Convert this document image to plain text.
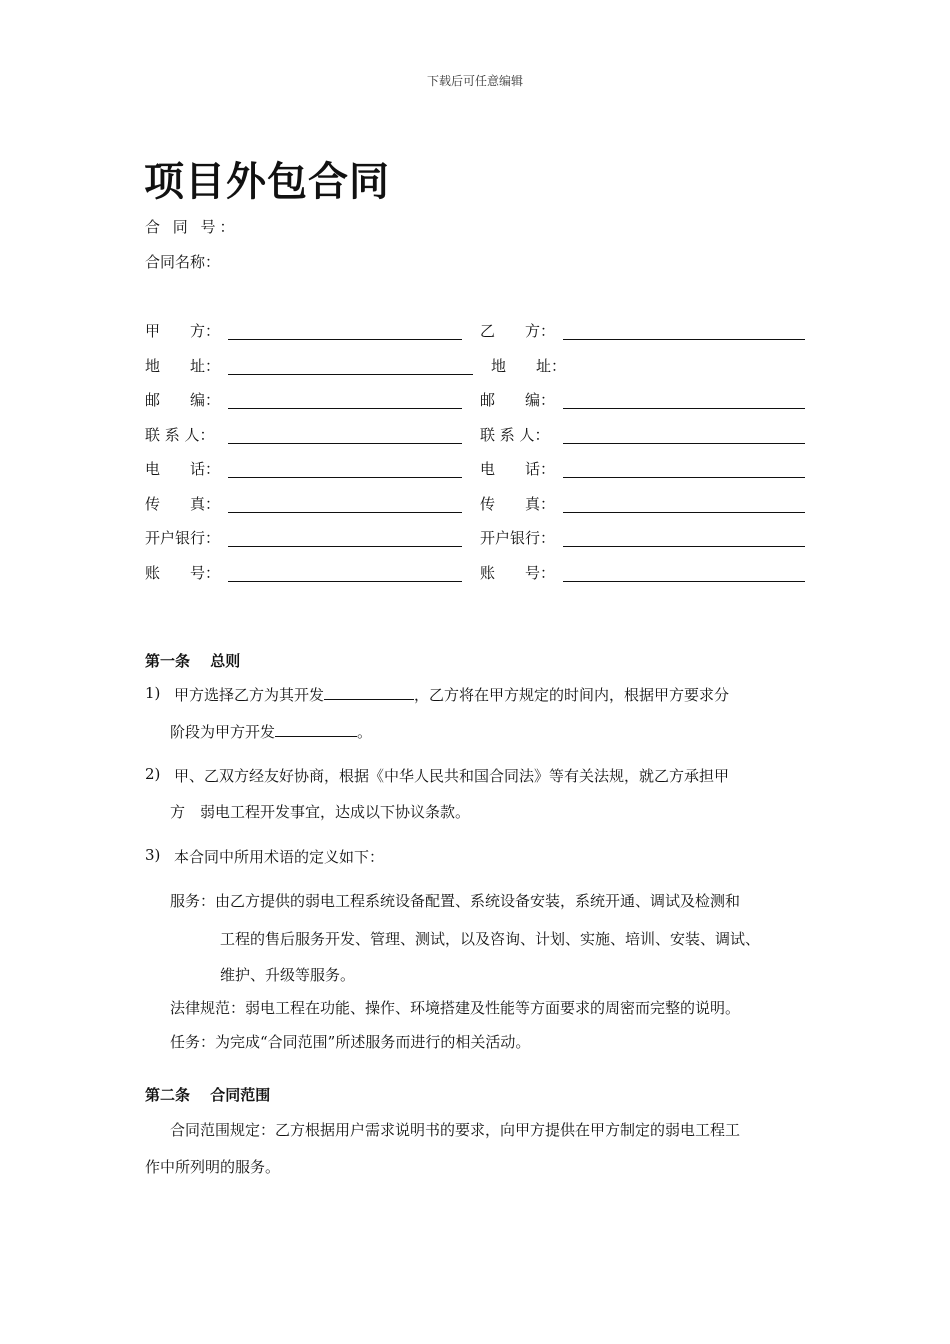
下载后可任意编辑
项目外包合同
合 同 号：
合同名称：
甲　　方：	乙　　方：
地　　址：	地　　址：
邮　　编：	邮　　编：
联 系 人：	联 系 人：
电　　话：	电　　话：
传　　真：	传　　真：
开户银行：	开户银行：
账　　号：	账　　号：
第一条　 总则
1) 甲方选择乙方为其开发	，乙方将在甲方规定的时间内，根据甲方要求分
阶段为甲方开发	。
2) 甲、乙双方经友好协商，根据《中华人民共和国合同法》等有关法规，就乙方承担甲
方　弱电工程开发事宜，达成以下协议条款。
3) 本合同中所用术语的定义如下：
服务：由乙方提供的弱电工程系统设备配置、系统设备安装，系统开通、调试及检测和
工程的售后服务开发、管理、测试，以及咨询、计划、实施、培训、安装、调试、
维护、升级等服务。
法律规范：弱电工程在功能、操作、环境搭建及性能等方面要求的周密而完整的说明。
任务：为完成“合同范围”所述服务而进行的相关活动。
第二条　 合同范围
合同范围规定：乙方根据用户需求说明书的要求，向甲方提供在甲方制定的弱电工程工
作中所列明的服务。
